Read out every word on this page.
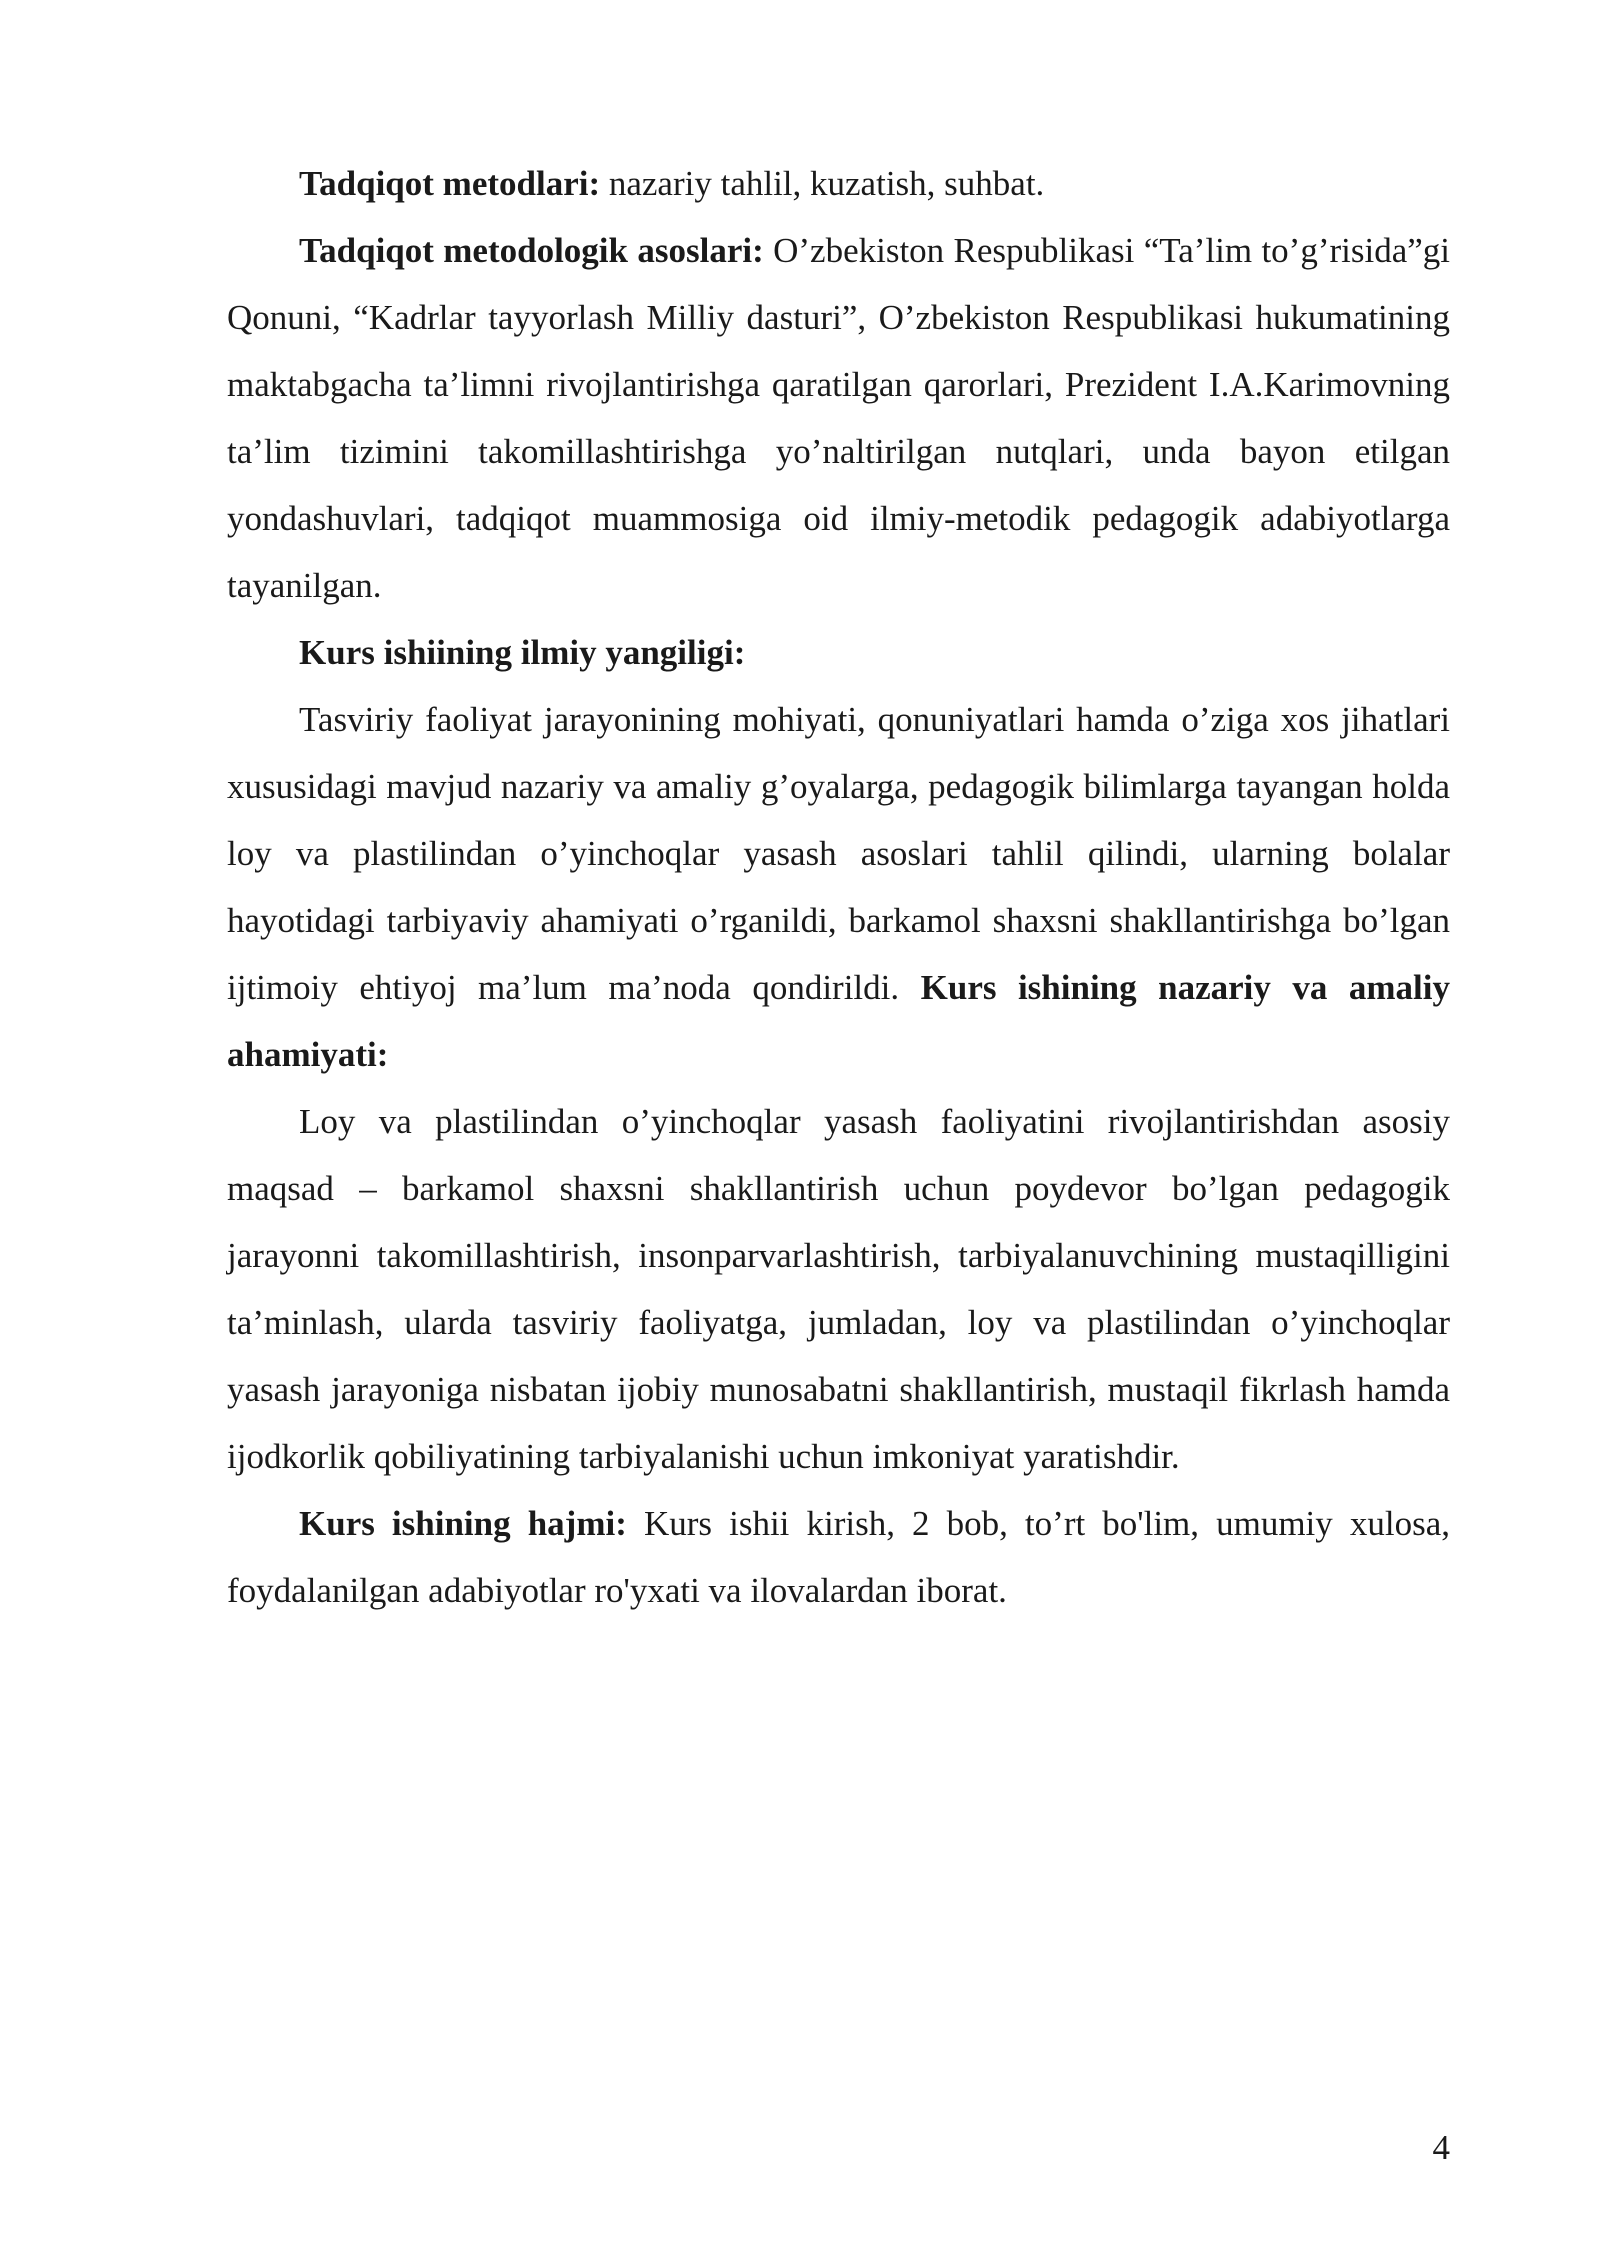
Tadqiqot metodlari: nazariy tahlil, kuzatish, suhbat.

Tadqiqot metodologik asoslari: O’zbekiston Respublikasi “Ta’lim to’g’risida”gi Qonuni, “Kadrlar tayyorlash Milliy dasturi”, O’zbekiston Respublikasi hukumatining maktabgacha ta’limni rivojlantirishga qaratilgan qarorlari, Prezident I.A.Karimovning ta’lim tizimini takomillashtirishga yo’naltirilgan nutqlari, unda bayon etilgan yondashuvlari, tadqiqot muammosiga oid ilmiy-metodik pedagogik adabiyotlarga tayanilgan.

Kurs ishiining ilmiy yangiligi:

Tasviriy faoliyat jarayonining mohiyati, qonuniyatlari hamda o’ziga xos jihatlari xususidagi mavjud nazariy va amaliy g’oyalarga, pedagogik bilimlarga tayangan holda loy va plastilindan o’yinchoqlar yasash asoslari tahlil qilindi, ularning bolalar hayotidagi tarbiyaviy ahamiyati o’rganildi, barkamol shaxsni shakllantirishga bo’lgan ijtimoiy ehtiyoj ma’lum ma’noda qondirildi. Kurs ishining nazariy va amaliy ahamiyati:

Loy va plastilindan o’yinchoqlar yasash faoliyatini rivojlantirishdan asosiy maqsad – barkamol shaxsni shakllantirish uchun poydevor bo’lgan pedagogik jarayonni takomillashtirish, insonparvarlashtirish, tarbiyalanuvchining mustaqilligini ta’minlash, ularda tasviriy faoliyatga, jumladan, loy va plastilindan o’yinchoqlar yasash jarayoniga nisbatan ijobiy munosabatni shakllantirish, mustaqil fikrlash hamda ijodkorlik qobiliyatining tarbiyalanishi uchun imkoniyat yaratishdir.

Kurs ishining hajmi: Kurs ishii kirish, 2 bob, to’rt bo'lim, umumiy xulosa, foydalanilgan adabiyotlar ro'yxati va ilovalardan iborat.

4
